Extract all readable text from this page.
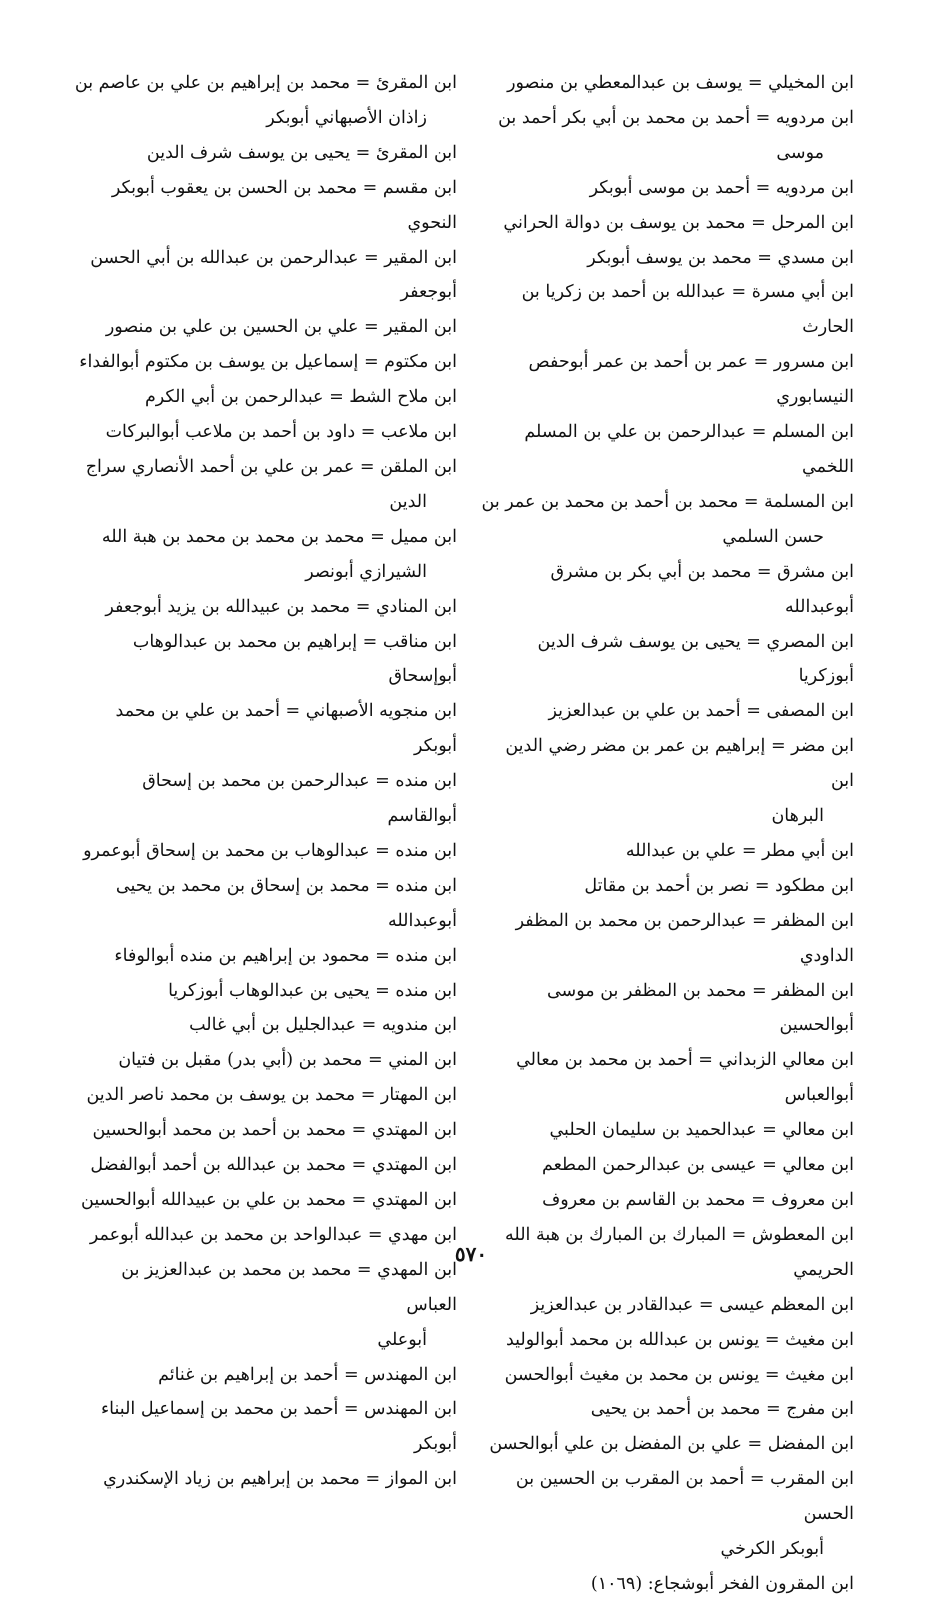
ابن المخيلي = يوسف بن عبدالمعطي بن منصور
ابن مردويه = أحمد بن محمد بن أبي بكر أحمد بن
موسى
ابن مردويه = أحمد بن موسى أبوبكر
ابن المرحل = محمد بن يوسف بن دوالة الحراني
ابن مسدي = محمد بن يوسف أبوبكر
ابن أبي مسرة = عبدالله بن أحمد بن زكريا بن الحارث
ابن مسرور = عمر بن أحمد بن عمر أبوحفص النيسابوري
ابن المسلم = عبدالرحمن بن علي بن المسلم اللخمي
ابن المسلمة = محمد بن أحمد بن محمد بن عمر بن
حسن السلمي
ابن مشرق = محمد بن أبي بكر بن مشرق أبوعبدالله
ابن المصري = يحيى بن يوسف شرف الدين أبوزكريا
ابن المصفى = أحمد بن علي بن عبدالعزيز
ابن مضر = إبراهيم بن عمر بن مضر رضي الدين ابن
البرهان
ابن أبي مطر = علي بن عبدالله
ابن مطكود = نصر بن أحمد بن مقاتل
ابن المظفر = عبدالرحمن بن محمد بن المظفر الداودي
ابن المظفر = محمد بن المظفر بن موسى أبوالحسين
ابن معالي الزبداني = أحمد بن محمد بن معالي أبوالعباس
ابن معالي = عبدالحميد بن سليمان الحلبي
ابن معالي = عيسى بن عبدالرحمن المطعم
ابن معروف = محمد بن القاسم بن معروف
ابن المعطوش = المبارك بن المبارك بن هبة الله الحريمي
ابن المعظم عيسى = عبدالقادر بن عبدالعزيز
ابن مغيث = يونس بن عبدالله بن محمد أبوالوليد
ابن مغيث = يونس بن محمد بن مغيث أبوالحسن
ابن مفرج = محمد بن أحمد بن يحيى
ابن المفضل = علي بن المفضل بن علي أبوالحسن
ابن المقرب = أحمد بن المقرب بن الحسين بن الحسن
أبوبكر الكرخي
ابن المقرون الفخر أبوشجاع: (١٠٦٩)
ابن المقرئ = محمد بن إبراهيم بن علي بن عاصم بن
زاذان الأصبهاني أبوبكر
ابن المقرئ = يحيى بن يوسف شرف الدين
ابن مقسم = محمد بن الحسن بن يعقوب أبوبكر النحوي
ابن المقير = عبدالرحمن بن عبدالله بن أبي الحسن أبوجعفر
ابن المقير = علي بن الحسين بن علي بن منصور
ابن مكتوم = إسماعيل بن يوسف بن مكتوم أبوالفداء
ابن ملاح الشط = عبدالرحمن بن أبي الكرم
ابن ملاعب = داود بن أحمد بن ملاعب أبوالبركات
ابن الملقن = عمر بن علي بن أحمد الأنصاري سراج
الدين
ابن مميل = محمد بن محمد بن محمد بن هبة الله
الشيرازي أبونصر
ابن المنادي = محمد بن عبيدالله بن يزيد أبوجعفر
ابن مناقب = إبراهيم بن محمد بن عبدالوهاب أبوإسحاق
ابن منجويه الأصبهاني = أحمد بن علي بن محمد أبوبكر
ابن منده = عبدالرحمن بن محمد بن إسحاق أبوالقاسم
ابن منده = عبدالوهاب بن محمد بن إسحاق أبوعمرو
ابن منده = محمد بن إسحاق بن محمد بن يحيى أبوعبدالله
ابن منده = محمود بن إبراهيم بن منده أبوالوفاء
ابن منده = يحيى بن عبدالوهاب أبوزكريا
ابن مندويه = عبدالجليل بن أبي غالب
ابن المني = محمد بن (أبي بدر) مقبل بن فتيان
ابن المهتار = محمد بن يوسف بن محمد ناصر الدين
ابن المهتدي = محمد بن أحمد بن محمد أبوالحسين
ابن المهتدي = محمد بن عبدالله بن أحمد أبوالفضل
ابن المهتدي = محمد بن علي بن عبيدالله أبوالحسين
ابن مهدي = عبدالواحد بن محمد بن عبدالله أبوعمر
ابن المهدي = محمد بن محمد بن عبدالعزيز بن العباس
أبوعلي
ابن المهندس = أحمد بن إبراهيم بن غنائم
ابن المهندس = أحمد بن محمد بن إسماعيل البناء أبوبكر
ابن المواز = محمد بن إبراهيم بن زياد الإسكندري
٥٧٠
